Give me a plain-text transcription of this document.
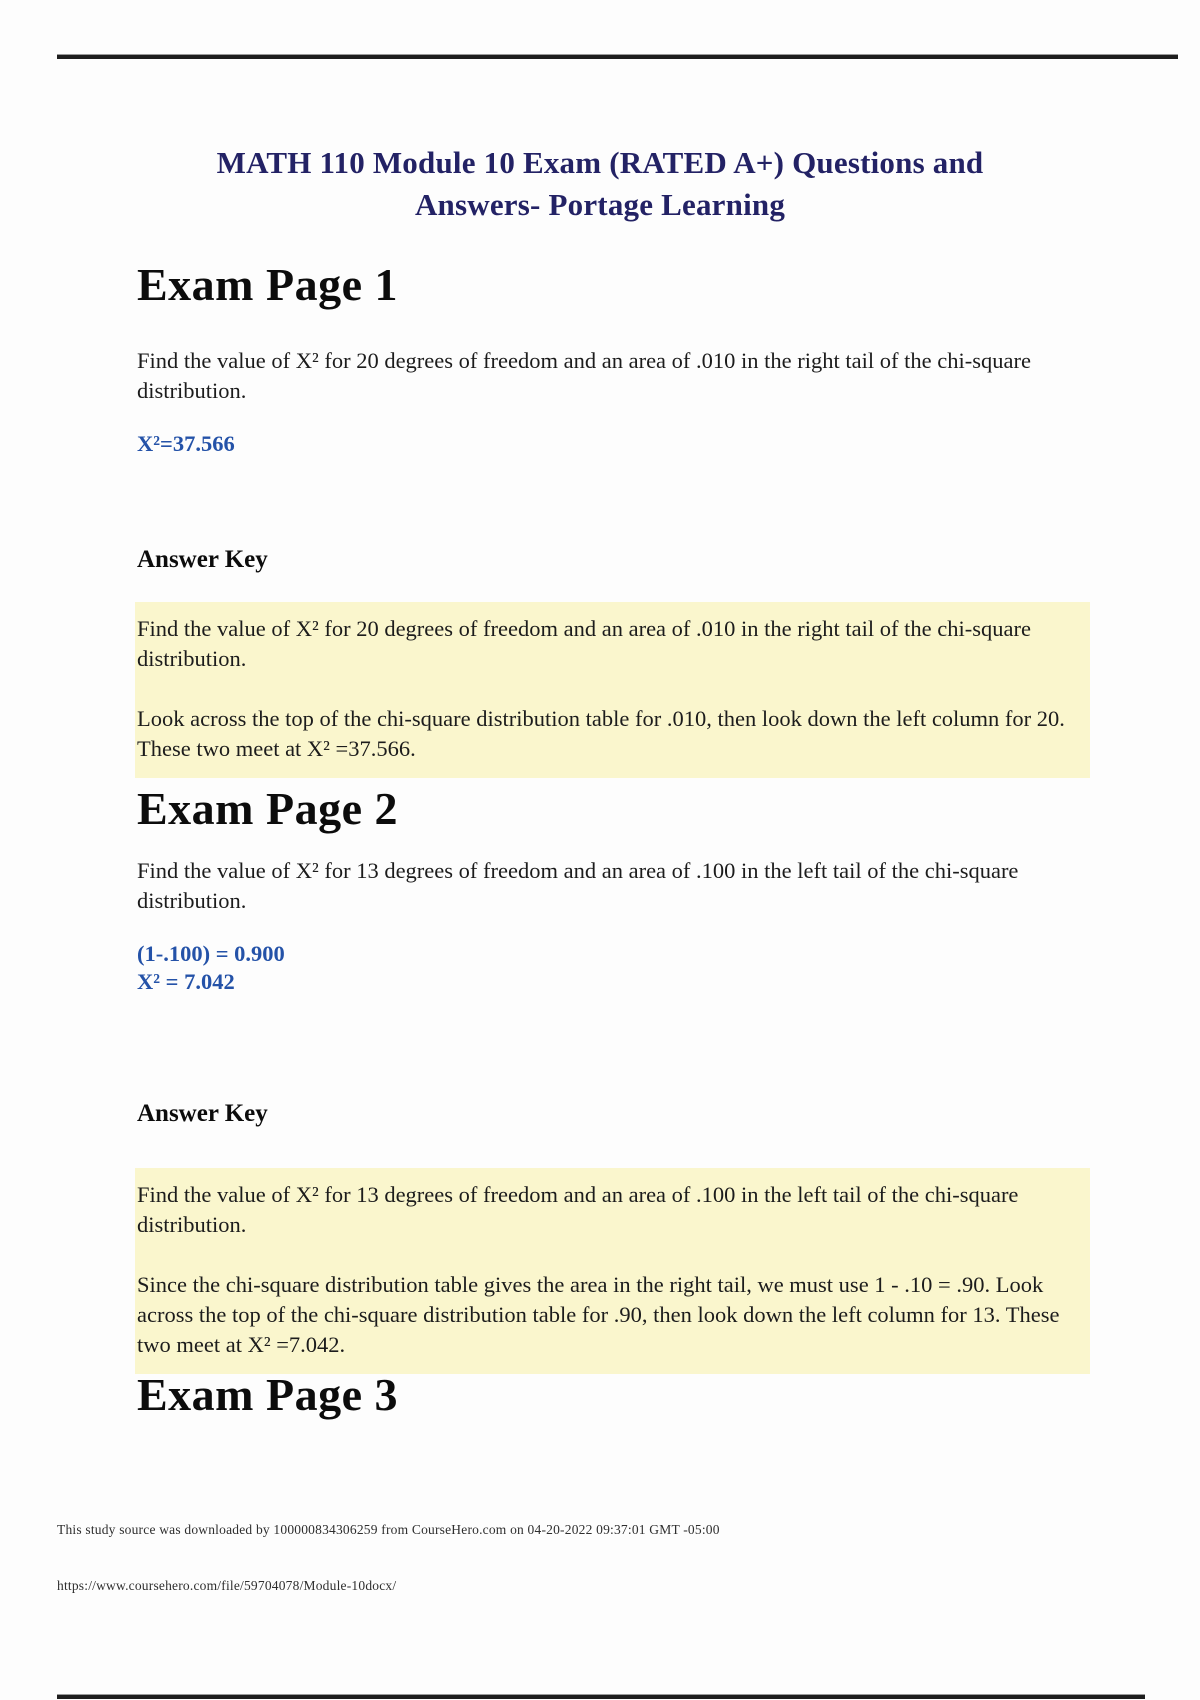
MATH 110 Module 10 Exam (RATED A+) Questions and
Answers- Portage Learning
Exam Page 1
Find the value of X² for 20 degrees of freedom and an area of .010 in the right tail of the chi-square distribution.
X²=37.566
Answer Key
Find the value of X² for 20 degrees of freedom and an area of .010 in the right tail of the chi-square distribution.
Look across the top of the chi-square distribution table for .010, then look down the left column for 20. These two meet at X² =37.566.
Exam Page 2
Find the value of X² for 13 degrees of freedom and an area of .100 in the left tail of the chi-square distribution.
(1-.100) = 0.900
X² = 7.042
Answer Key
Find the value of X² for 13 degrees of freedom and an area of .100 in the left tail of the chi-square distribution.
Since the chi-square distribution table gives the area in the right tail, we must use 1 - .10 = .90. Look across the top of the chi-square distribution table for .90, then look down the left column for 13. These two meet at X² =7.042.
Exam Page 3
This study source was downloaded by 100000834306259 from CourseHero.com on 04-20-2022 09:37:01 GMT -05:00
https://www.coursehero.com/file/59704078/Module-10docx/
